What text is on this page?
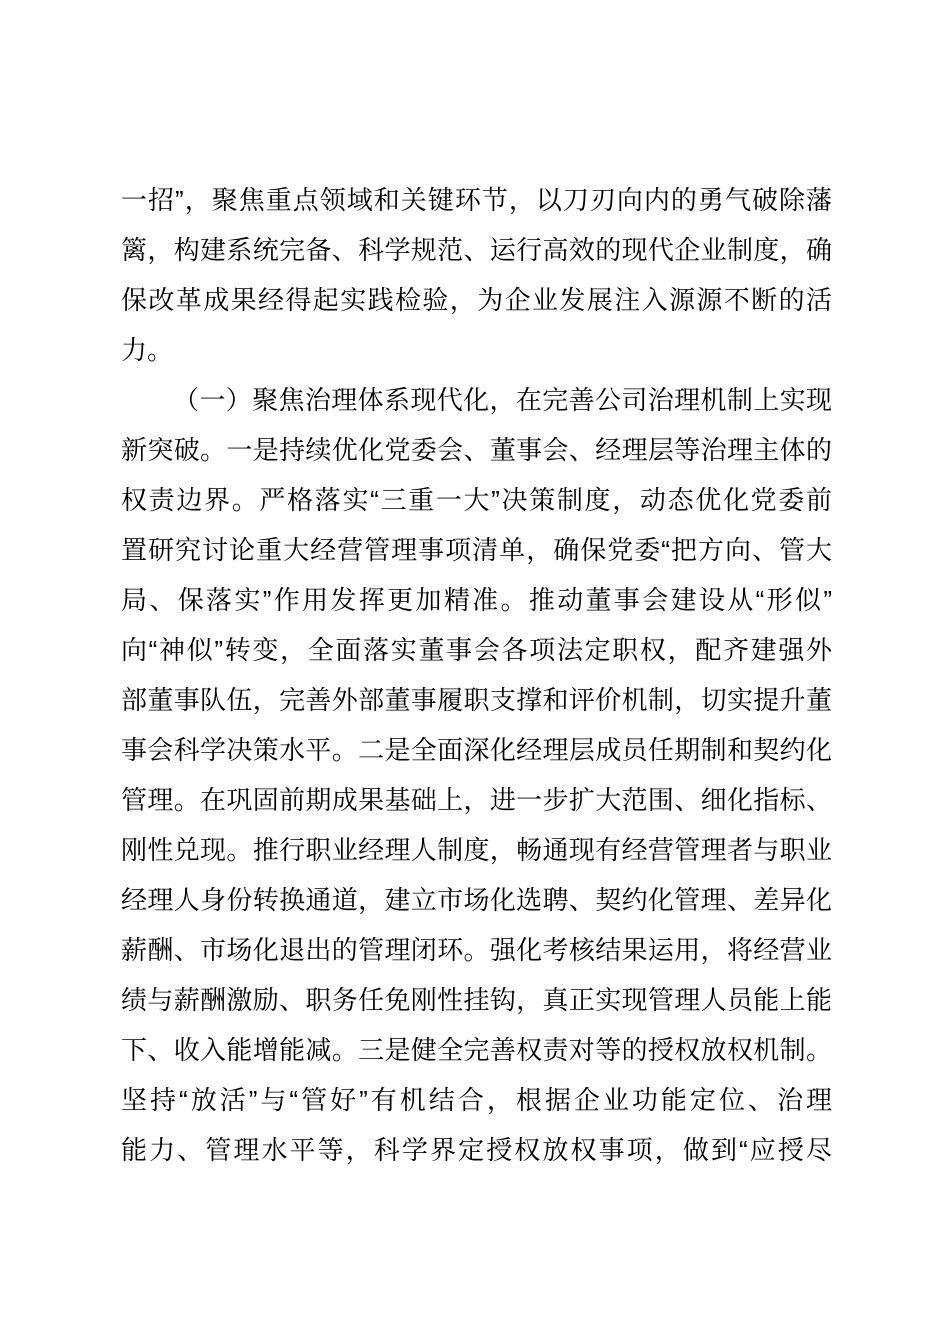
一招”，聚焦重点领域和关键环节，以刀刃向内的勇气破除藩
篱，构建系统完备、科学规范、运行高效的现代企业制度，确
保改革成果经得起实践检验，为企业发展注入源源不断的活
力。
（一）聚焦治理体系现代化，在完善公司治理机制上实现
新突破。一是持续优化党委会、董事会、经理层等治理主体的
权责边界。严格落实“三重一大”决策制度，动态优化党委前
置研究讨论重大经营管理事项清单，确保党委“把方向、管大
局、保落实”作用发挥更加精准。推动董事会建设从“形似”
向“神似”转变，全面落实董事会各项法定职权，配齐建强外
部董事队伍，完善外部董事履职支撑和评价机制，切实提升董
事会科学决策水平。二是全面深化经理层成员任期制和契约化
管理。在巩固前期成果基础上，进一步扩大范围、细化指标、
刚性兑现。推行职业经理人制度，畅通现有经营管理者与职业
经理人身份转换通道，建立市场化选聘、契约化管理、差异化
薪酬、市场化退出的管理闭环。强化考核结果运用，将经营业
绩与薪酬激励、职务任免刚性挂钩，真正实现管理人员能上能
下、收入能增能减。三是健全完善权责对等的授权放权机制。
坚持“放活”与“管好”有机结合，根据企业功能定位、治理
能力、管理水平等，科学界定授权放权事项，做到“应授尽
